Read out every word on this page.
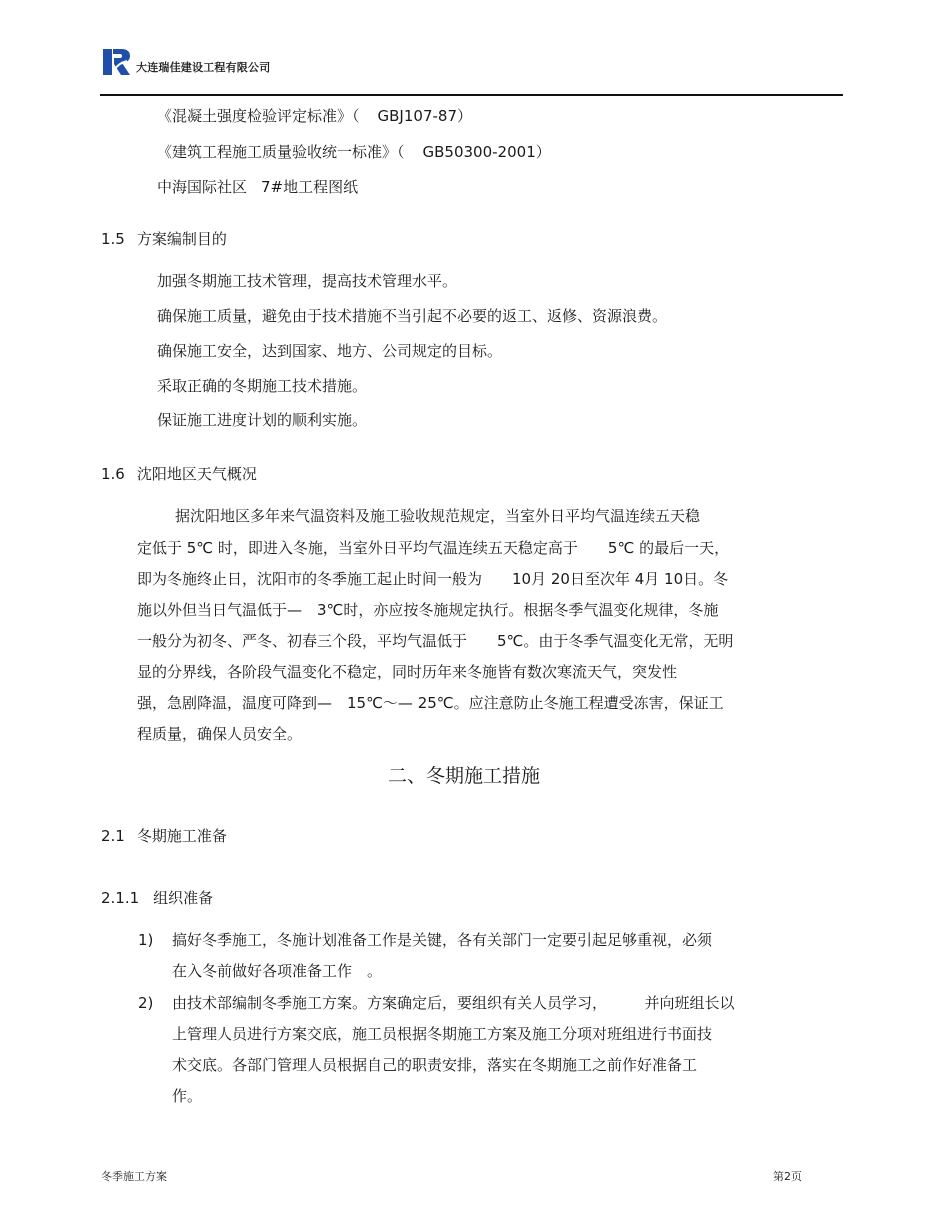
大连瑞佳建设工程有限公司
《混凝土强度检验评定标准》（ GBJ107-87）
《建筑工程施工质量验收统一标准》（ GB50300-2001）
中海国际社区 7#地工程图纸
1.5 方案编制目的
加强冬期施工技术管理，提高技术管理水平。
确保施工质量，避免由于技术措施不当引起不必要的返工、返修、资源浪费。
确保施工安全，达到国家、地方、公司规定的目标。
采取正确的冬期施工技术措施。
保证施工进度计划的顺利实施。
1.6 沈阳地区天气概况
据沈阳地区多年来气温资料及施工验收规范规定，当室外日平均气温连续五天稳
定低于 5℃ 时，即进入冬施，当室外日平均气温连续五天稳定高于　　5℃ 的最后一天，
即为冬施终止日，沈阳市的冬季施工起止时间一般为　　10月 20日至次年 4月 10日。冬
施以外但当日气温低于—　3℃时，亦应按冬施规定执行。根据冬季气温变化规律，冬施
一般分为初冬、严冬、初春三个段，平均气温低于　　5℃。由于冬季气温变化无常，无明
显的分界线，各阶段气温变化不稳定，同时历年来冬施皆有数次寒流天气，突发性
强，急剧降温，温度可降到—　15℃～— 25℃。应注意防止冬施工程遭受冻害，保证工
程质量，确保人员安全。
二、冬期施工措施
2.1 冬期施工准备
2.1.1 组织准备
1) 搞好冬季施工，冬施计划准备工作是关键，各有关部门一定要引起足够重视，必须
在入冬前做好各项准备工作　。
2) 由技术部编制冬季施工方案。方案确定后，要组织有关人员学习，　　　并向班组长以
上管理人员进行方案交底，施工员根据冬期施工方案及施工分项对班组进行书面技
术交底。各部门管理人员根据自己的职责安排，落实在冬期施工之前作好准备工
作。
冬季施工方案	第2页
